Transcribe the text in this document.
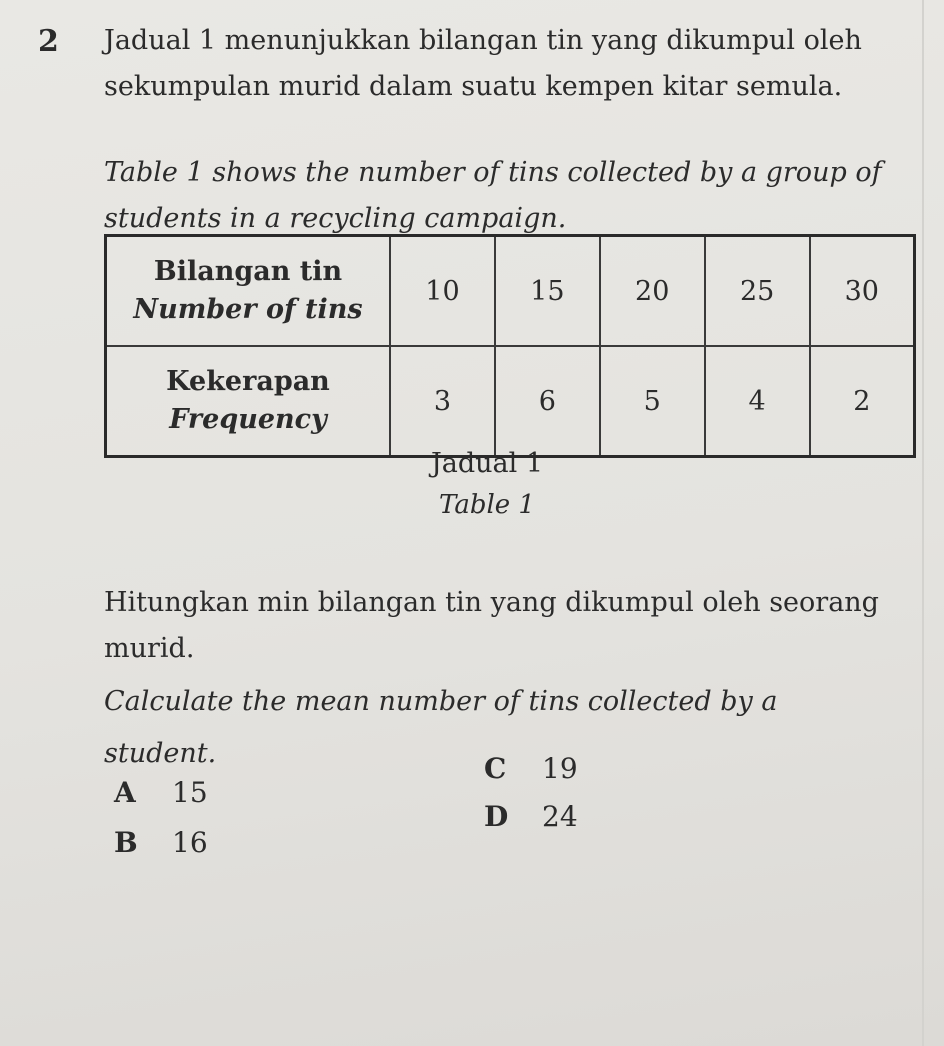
2 Jadual 1 menunjukkan bilangan tin yang dikumpul oleh sekumpulan murid dalam suatu kempen kitar semula.
Table 1 shows the number of tins collected by a group of students in a recycling campaign.
Bilangan tin
Number of tins	10	15	20	25	30

Kekerapan
Frequency	3	6	5	4	2
Jadual 1
Table 1
Hitungkan min bilangan tin yang dikumpul oleh seorang murid.
Calculate the mean number of tins collected by a student.
A 15
B 16
C 19
D 24
